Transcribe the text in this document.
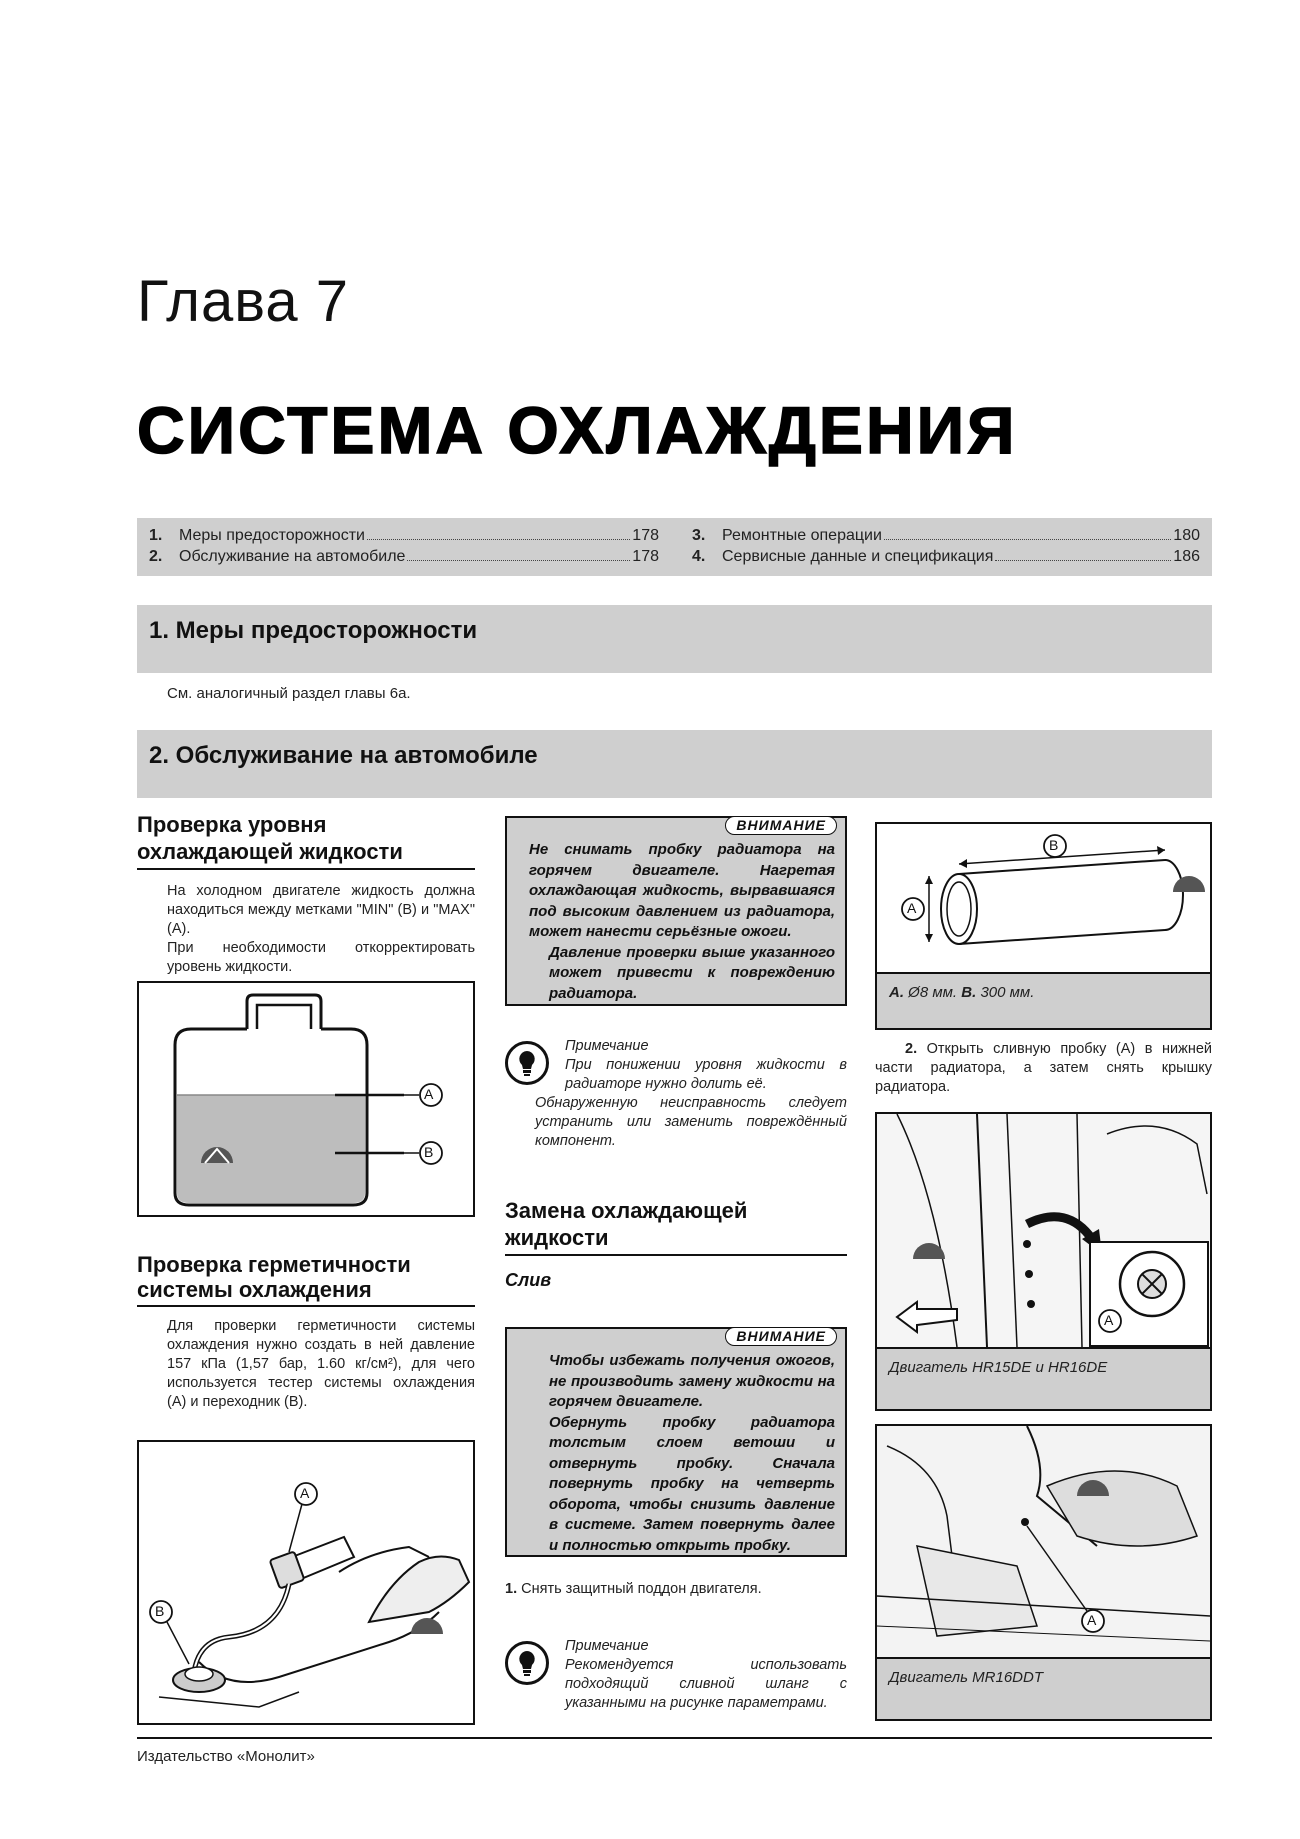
Глава 7
СИСТЕМА ОХЛАЖДЕНИЯ
1.	Меры предосторожности	178
2.	Обслуживание на автомобиле	178
3.	Ремонтные операции	180
4.	Сервисные данные и спецификация	186
1. Меры предосторожности
См. аналогичный раздел главы 6а.
2. Обслуживание на автомобиле
Проверка уровня охлаждающей жидкости
На холодном двигателе жидкость должна находиться между метками "MIN" (B) и "MAX" (A).
При необходимости откорректировать уровень жидкости.
A
B
Проверка герметичности системы охлаждения
Для проверки герметичности системы охлаждения нужно создать в ней давление 157 кПа (1,57 бар, 1.60 кг/см²), для чего используется тестер системы охлаждения (A) и переходник (B).
A
B
ВНИМАНИЕ
Не снимать пробку радиатора на горячем двигателе. Нагретая охлаждающая жидкость, вырвавшаяся под высоким давлением из радиатора, может нанести серьёзные ожоги.
Давление проверки выше указанного может привести к повреждению радиатора.
Примечание
При понижении уровня жидкости в радиаторе нужно долить её.
Обнаруженную неисправность следует устранить или заменить повреждённый компонент.
Замена охлаждающей жидкости
Слив
ВНИМАНИЕ
Чтобы избежать получения ожогов, не производить замену жидкости на горячем двигателе.
Обернуть пробку радиатора толстым слоем ветоши и отвернуть пробку. Сначала повернуть пробку на четверть оборота, чтобы снизить давление в системе. Затем повернуть далее и полностью открыть пробку.
1. Снять защитный поддон двигателя.
Примечание
Рекомендуется использовать подходящий сливной шланг с указанными на рисунке параметрами.
B
A
A. Ø8 мм. B. 300 мм.
2. Открыть сливную пробку (A) в нижней части радиатора, а затем снять крышку радиатора.
A
Двигатель HR15DE и HR16DE
A
Двигатель MR16DDT
Издательство «Монолит»
